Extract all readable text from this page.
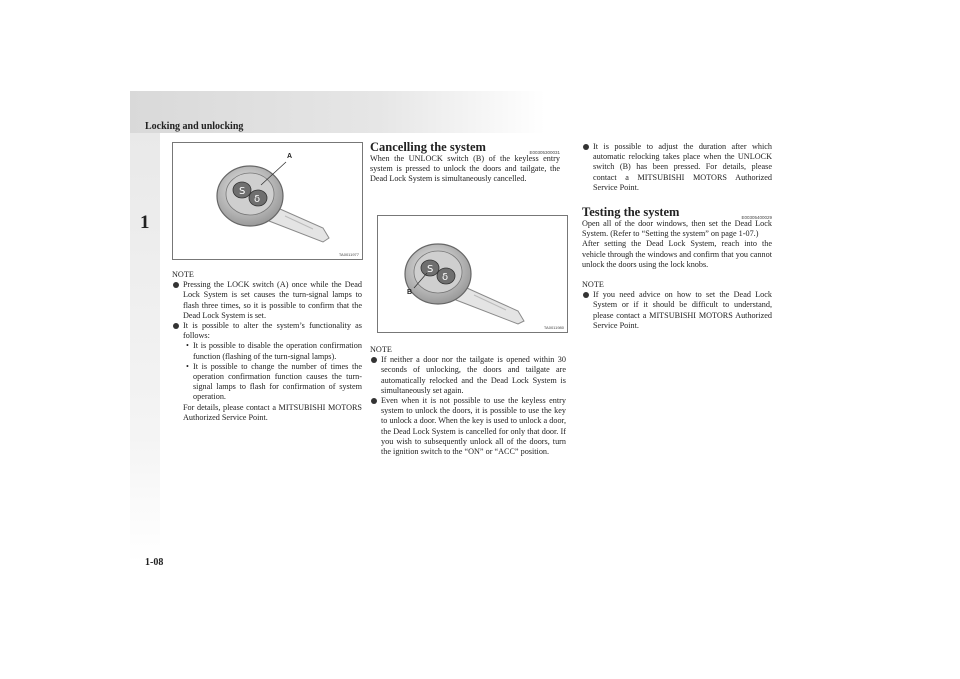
Locking and unlocking
1
S
δ
A
TA0011977

NOTE

Pressing the LOCK switch (A) once while the Dead Lock System is set causes the turn-signal lamps to flash three times, so it is possible to confirm that the Dead Lock System is set.

It is possible to alter the system’s functionality as follows:

• It is possible to disable the operation confirmation function (flashing of the turn-signal lamps).

• It is possible to change the number of times the operation confirmation function causes the turn-signal lamps to flash for confirmation of system operation.

For details, please contact a MITSUBISHI MOTORS Authorized Service Point.

Cancelling the system	E00305300031

When the UNLOCK switch (B) of the keyless entry system is pressed to unlock the doors and tailgate, the Dead Lock System is simultaneously cancelled.

S
δ
B
TA0011980

NOTE

If neither a door nor the tailgate is opened within 30 seconds of unlocking, the doors and tailgate are automatically relocked and the Dead Lock System is simultaneously set again.

Even when it is not possible to use the keyless entry system to unlock the doors, it is possible to use the key to unlock a door. When the key is used to unlock a door, the Dead Lock System is cancelled for only that door. If you wish to subsequently unlock all of the doors, turn the ignition switch to the “ON” or “ACC” position.

It is possible to adjust the duration after which automatic relocking takes place when the UNLOCK switch (B) has been pressed. For details, please contact a MITSUBISHI MOTORS Authorized Service Point.

Testing the system	E00305400029

Open all of the door windows, then set the Dead Lock System. (Refer to “Setting the system” on page 1-07.)

After setting the Dead Lock System, reach into the vehicle through the windows and confirm that you cannot unlock the doors using the lock knobs.

NOTE

If you need advice on how to set the Dead Lock System or if it should be difficult to understand, please contact a MITSUBISHI MOTORS Authorized Service Point.

1-08
